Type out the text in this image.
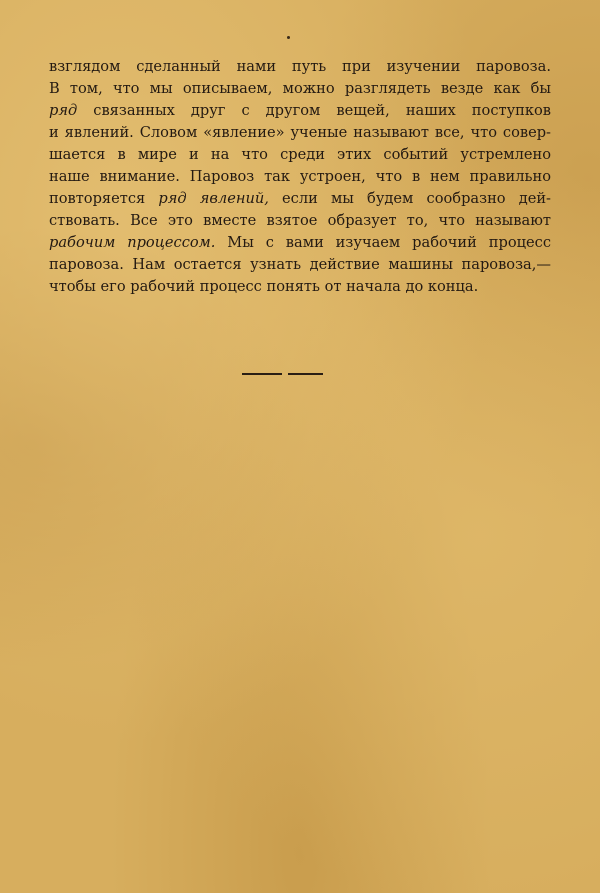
взглядом сделанный нами путь при изучении паровоза.
В том, что мы описываем, можно разглядеть везде как бы
ряд связанных друг с другом вещей, наших поступков
и явлений. Словом «явление» ученые называют все, что совер-
шается в мире и на что среди этих событий устремлено
наше внимание. Паровоз так устроен, что в нем правильно
повторяется ряд явлений, если мы будем сообразно дей-
ствовать. Все это вместе взятое образует то, что называют
рабочим процессом. Мы с вами изучаем рабочий процесс
паровоза. Нам остается узнать действие машины паровоза,—
чтобы его рабочий процесс понять от начала до конца.
